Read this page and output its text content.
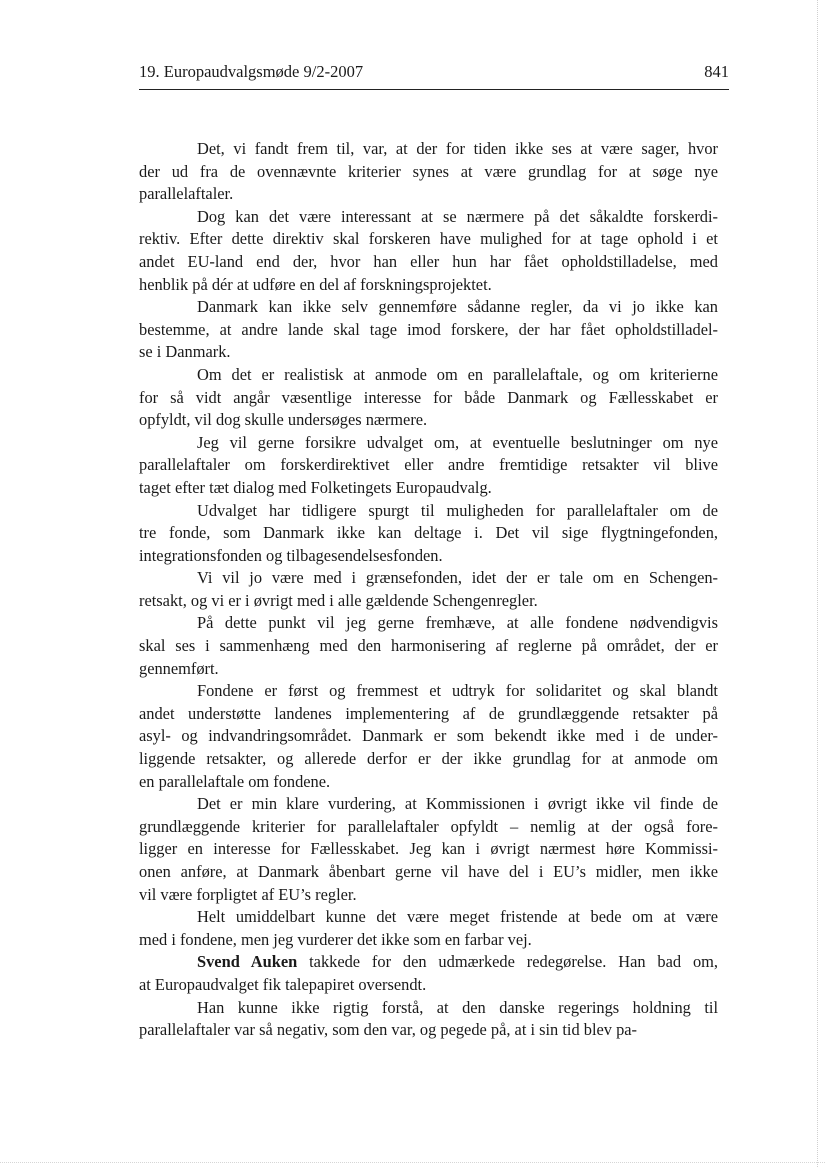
19. Europaudvalgsmøde 9/2-2007	841
Det, vi fandt frem til, var, at der for tiden ikke ses at være sager, hvor
der ud fra de ovennævnte kriterier synes at være grundlag for at søge nye
parallelaftaler.
Dog kan det være interessant at se nærmere på det såkaldte forskerdi-
rektiv. Efter dette direktiv skal forskeren have mulighed for at tage ophold i et
andet EU-land end der, hvor han eller hun har fået opholdstilladelse, med
henblik på dér at udføre en del af forskningsprojektet.
Danmark kan ikke selv gennemføre sådanne regler, da vi jo ikke kan
bestemme, at andre lande skal tage imod forskere, der har fået opholdstilladel-
se i Danmark.
Om det er realistisk at anmode om en parallelaftale, og om kriterierne
for så vidt angår væsentlige interesse for både Danmark og Fællesskabet er
opfyldt, vil dog skulle undersøges nærmere.
Jeg vil gerne forsikre udvalget om, at eventuelle beslutninger om nye
parallelaftaler om forskerdirektivet eller andre fremtidige retsakter vil blive
taget efter tæt dialog med Folketingets Europaudvalg.
Udvalget har tidligere spurgt til muligheden for parallelaftaler om de
tre fonde, som Danmark ikke kan deltage i. Det vil sige flygtningefonden,
integrationsfonden og tilbagesendelsesfonden.
Vi vil jo være med i grænsefonden, idet der er tale om en Schengen-
retsakt, og vi er i øvrigt med i alle gældende Schengenregler.
På dette punkt vil jeg gerne fremhæve, at alle fondene nødvendigvis
skal ses i sammenhæng med den harmonisering af reglerne på området, der er
gennemført.
Fondene er først og fremmest et udtryk for solidaritet og skal blandt
andet understøtte landenes implementering af de grundlæggende retsakter på
asyl- og indvandringsområdet. Danmark er som bekendt ikke med i de under-
liggende retsakter, og allerede derfor er der ikke grundlag for at anmode om
en parallelaftale om fondene.
Det er min klare vurdering, at Kommissionen i øvrigt ikke vil finde de
grundlæggende kriterier for parallelaftaler opfyldt – nemlig at der også fore-
ligger en interesse for Fællesskabet. Jeg kan i øvrigt nærmest høre Kommissi-
onen anføre, at Danmark åbenbart gerne vil have del i EU’s midler, men ikke
vil være forpligtet af EU’s regler.
Helt umiddelbart kunne det være meget fristende at bede om at være
med i fondene, men jeg vurderer det ikke som en farbar vej.
Svend Auken takkede for den udmærkede redegørelse. Han bad om,
at Europaudvalget fik talepapiret oversendt.
Han kunne ikke rigtig forstå, at den danske regerings holdning til
parallelaftaler var så negativ, som den var, og pegede på, at i sin tid blev pa-
